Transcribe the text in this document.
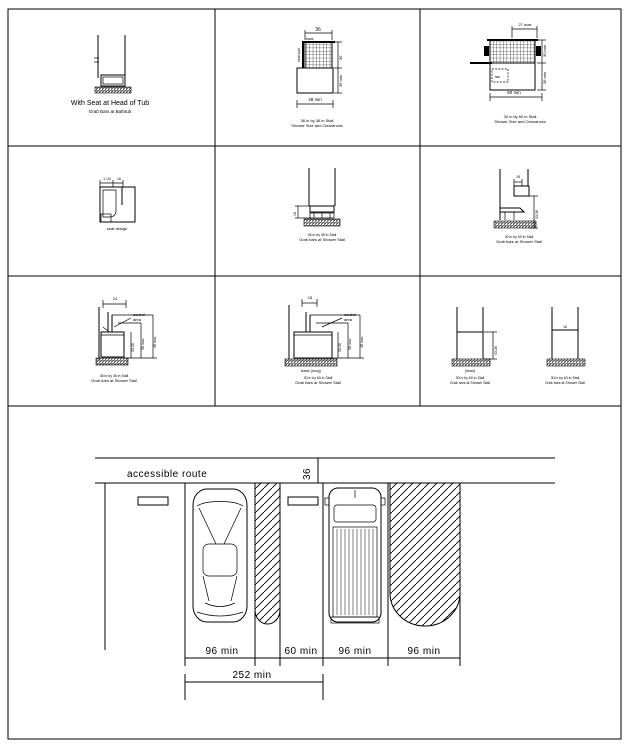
With Seat at Head of Tub
Grab Bars at Bathtub
36
back
seat wall	36
36 min
48 min
36 in by 36 in Stall
Shower Size and Clearances
27 max
lav
30 min
36 min
60 min
30 in by 60 in Stall
Shower Size and Clearances
1 1/2 16
seat design
18
36 in by 36 in Stall
Grab bars at Shower Stall
18
33-36
30 in by 60 in Stall
Grab bars at Shower Stall
24
control
area
33-36 38 max 48 max
36 in by 36 in Stall
Grab bars at Shower Stall
18
control
area
33-36 38 max 48 max
back (long)
30 in by 60 in Stall
Grab bars at Shower Stall
33-36
(head)
30 in by 60 in Stall
Grab bars at Shower Stall
18
30 in by 60 in Stall
Grab bars at Shower Stall
accessible route	36
96 min	60 min 96 min	96 min
252 min
